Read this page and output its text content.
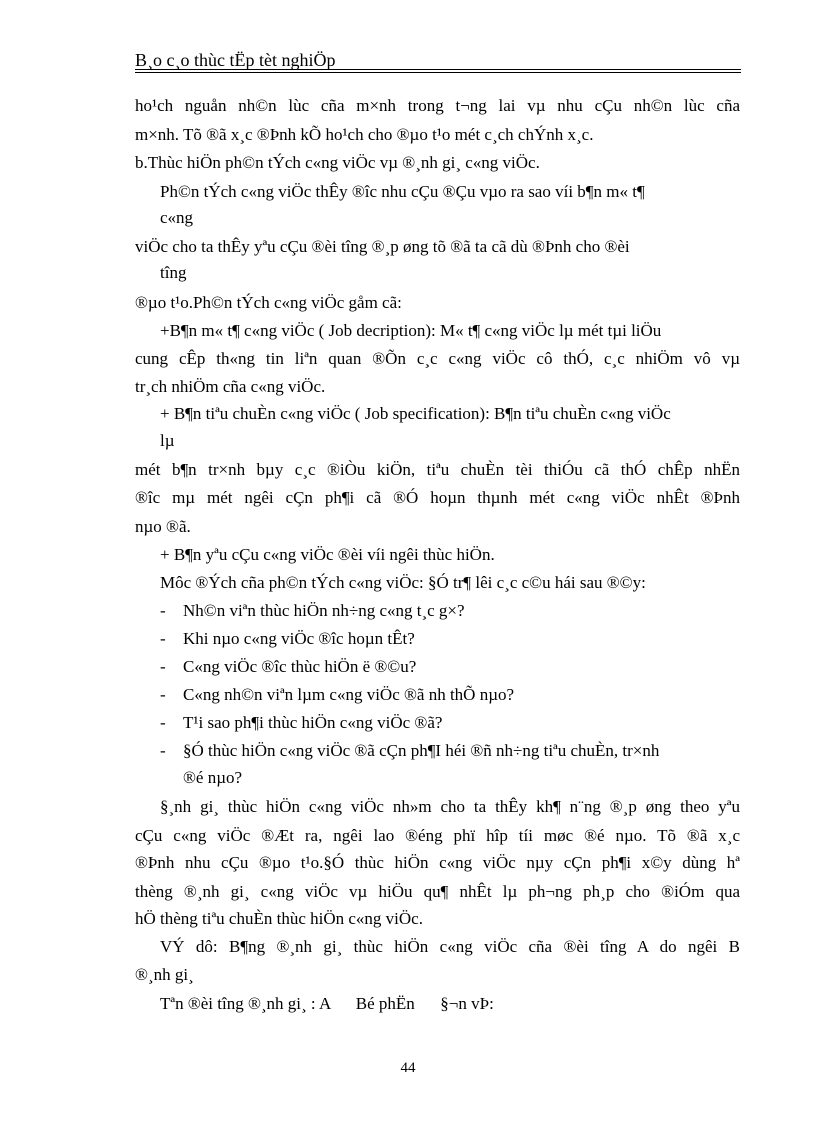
B¸o c¸o thùc tËp tèt nghiÖp
ho¹ch nguån nh©n lùc cña m×nh trong t¬ng lai vµ nhu cÇu nh©n lùc cña
m×nh. Tõ ®ã x¸c ®Þnh kÕ ho¹ch cho ®µo t¹o mét c¸ch chÝnh x¸c.
b.Thùc hiÖn ph©n tÝch c«ng viÖc vµ ®¸nh gi¸ c«ng viÖc.
Ph©n tÝch c«ng viÖc thÊy ®îc nhu cÇu ®Çu vµo ra sao víi b¶n m« t¶
c«ng
viÖc cho ta thÊy yªu cÇu ®èi tîng ®¸p øng tõ ®ã ta cã dù ®Þnh cho ®èi
tîng
®µo t¹o.Ph©n tÝch c«ng viÖc gåm cã:
+B¶n m« t¶ c«ng viÖc ( Job decription): M« t¶ c«ng viÖc lµ mét tµi liÖu
cung cÊp th«ng tin liªn quan ®Õn c¸c c«ng viÖc cô thÓ, c¸c nhiÖm vô vµ
tr¸ch nhiÖm cña c«ng viÖc.
+ B¶n tiªu chuÈn c«ng viÖc ( Job specification): B¶n tiªu chuÈn c«ng viÖc
lµ
mét b¶n tr×nh bµy c¸c ®iÒu kiÖn, tiªu chuÈn tèi thiÓu cã thÓ chÊp nhËn
®îc mµ mét ngêi cÇn ph¶i cã ®Ó hoµn thµnh mét c«ng viÖc nhÊt ®Þnh
nµo ®ã.
+ B¶n yªu cÇu c«ng viÖc ®èi víi ngêi thùc hiÖn.
Môc ®Ých cña ph©n tÝch c«ng viÖc: §Ó tr¶ lêi c¸c c©u hái sau ®©y:
- Nh©n viªn thùc hiÖn nh÷ng c«ng t¸c g×?
- Khi nµo c«ng viÖc ®îc hoµn tÊt?
- C«ng viÖc ®îc thùc hiÖn ë ®©u?
- C«ng nh©n viªn lµm c«ng viÖc ®ã nh thÕ nµo?
- T¹i sao ph¶i thùc hiÖn c«ng viÖc ®ã?
- §Ó thùc hiÖn c«ng viÖc ®ã cÇn ph¶I héi ®ñ nh÷ng tiªu chuÈn, tr×nh
®é nµo?
§¸nh gi¸ thùc hiÖn c«ng viÖc nh»m cho ta thÊy kh¶ n¨ng ®¸p øng theo yªu
cÇu c«ng viÖc ®Æt ra, ngêi lao ®éng phï hîp tíi møc ®é nµo. Tõ ®ã x¸c
®Þnh nhu cÇu ®µo t¹o.§Ó thùc hiÖn c«ng viÖc nµy cÇn ph¶i x©y dùng hª
thèng ®¸nh gi¸ c«ng viÖc vµ hiÖu qu¶ nhÊt lµ ph¬ng ph¸p cho ®iÓm qua
hÖ thèng tiªu chuÈn thùc hiÖn c«ng viÖc.
VÝ dô: B¶ng ®¸nh gi¸ thùc hiÖn c«ng viÖc cña ®èi tîng A do ngêi B
®¸nh gi¸
Tªn ®èi tîng ®¸nh gi¸ : A      Bé phËn      §¬n vÞ:
44
